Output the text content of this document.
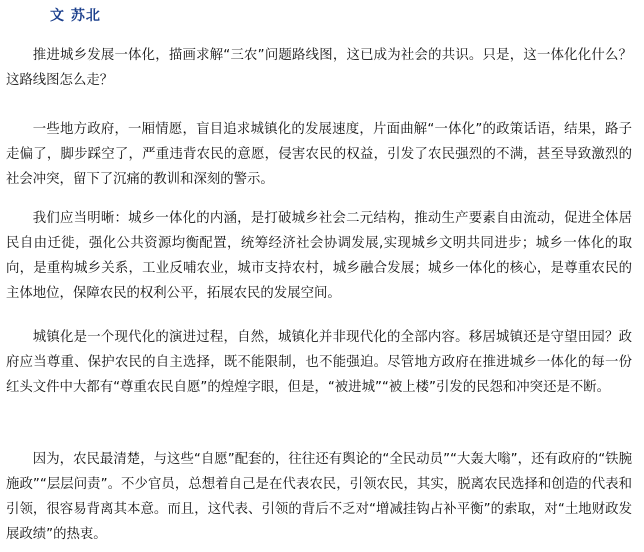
文 苏北

推进城乡发展一体化，描画求解“三农”问题路线图，这已成为社会的共识。只是，这一体化化什么？这路线图怎么走？

一些地方政府，一厢情愿，盲目追求城镇化的发展速度，片面曲解“一体化”的政策话语，结果，路子走偏了，脚步踩空了，严重违背农民的意愿，侵害农民的权益，引发了农民强烈的不满，甚至导致激烈的社会冲突，留下了沉痛的教训和深刻的警示。

我们应当明晰：城乡一体化的内涵，是打破城乡社会二元结构，推动生产要素自由流动，促进全体居民自由迁徙，强化公共资源均衡配置，统筹经济社会协调发展,实现城乡文明共同进步；城乡一体化的取向，是重构城乡关系，工业反哺农业，城市支持农村，城乡融合发展；城乡一体化的核心，是尊重农民的主体地位，保障农民的权利公平，拓展农民的发展空间。

城镇化是一个现代化的演进过程，自然，城镇化并非现代化的全部内容。移居城镇还是守望田园？政府应当尊重、保护农民的自主选择，既不能限制，也不能强迫。尽管地方政府在推进城乡一体化的每一份红头文件中大都有“尊重农民自愿”的煌煌字眼，但是，“被进城”“被上楼”引发的民怨和冲突还是不断。

因为，农民最清楚，与这些“自愿”配套的，往往还有舆论的“全民动员”“大轰大嗡”，还有政府的“铁腕施政”“层层问责”。不少官员，总想着自己是在代表农民，引领农民，其实，脱离农民选择和创造的代表和引领，很容易背离其本意。而且，这代表、引领的背后不乏对“增减挂钩占补平衡”的索取，对“土地财政发展政绩”的热衷。
